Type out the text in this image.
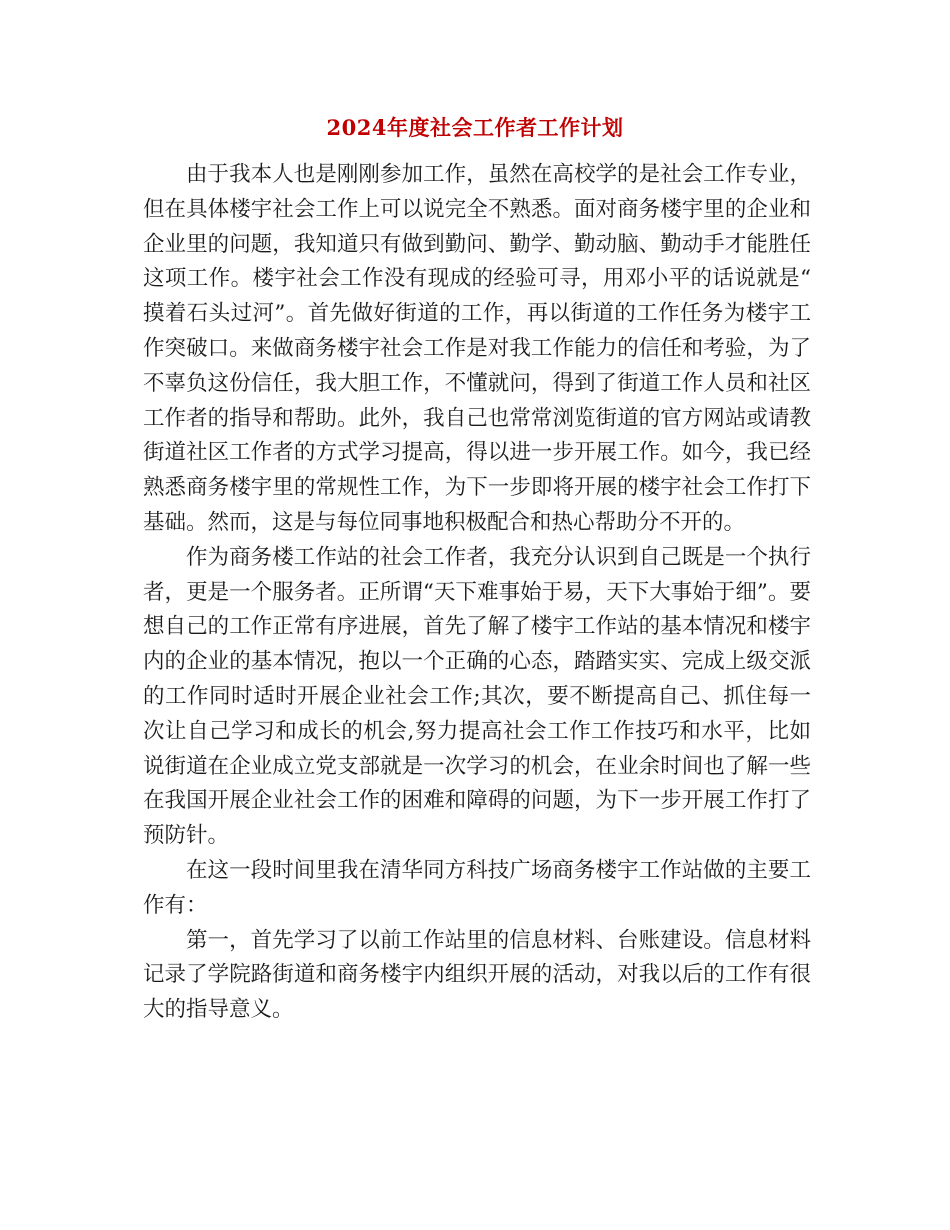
2024年度社会工作者工作计划

由于我本人也是刚刚参加工作，虽然在高校学的是社会工作专业，但在具体楼宇社会工作上可以说完全不熟悉。面对商务楼宇里的企业和企业里的问题，我知道只有做到勤问、勤学、勤动脑、勤动手才能胜任这项工作。楼宇社会工作没有现成的经验可寻，用邓小平的话说就是“摸着石头过河”。首先做好街道的工作，再以街道的工作任务为楼宇工作突破口。来做商务楼宇社会工作是对我工作能力的信任和考验，为了不辜负这份信任，我大胆工作，不懂就问，得到了街道工作人员和社区工作者的指导和帮助。此外，我自己也常常浏览街道的官方网站或请教街道社区工作者的方式学习提高，得以进一步开展工作。如今，我已经熟悉商务楼宇里的常规性工作，为下一步即将开展的楼宇社会工作打下基础。然而，这是与每位同事地积极配合和热心帮助分不开的。

作为商务楼工作站的社会工作者，我充分认识到自己既是一个执行者，更是一个服务者。正所谓“天下难事始于易，天下大事始于细”。要想自己的工作正常有序进展，首先了解了楼宇工作站的基本情况和楼宇内的企业的基本情况，抱以一个正确的心态，踏踏实实、完成上级交派的工作同时适时开展企业社会工作;其次，要不断提高自己、抓住每一次让自己学习和成长的机会,努力提高社会工作工作技巧和水平，比如说街道在企业成立党支部就是一次学习的机会，在业余时间也了解一些在我国开展企业社会工作的困难和障碍的问题，为下一步开展工作打了预防针。

在这一段时间里我在清华同方科技广场商务楼宇工作站做的主要工作有：

第一，首先学习了以前工作站里的信息材料、台账建设。信息材料记录了学院路街道和商务楼宇内组织开展的活动，对我以后的工作有很大的指导意义。
